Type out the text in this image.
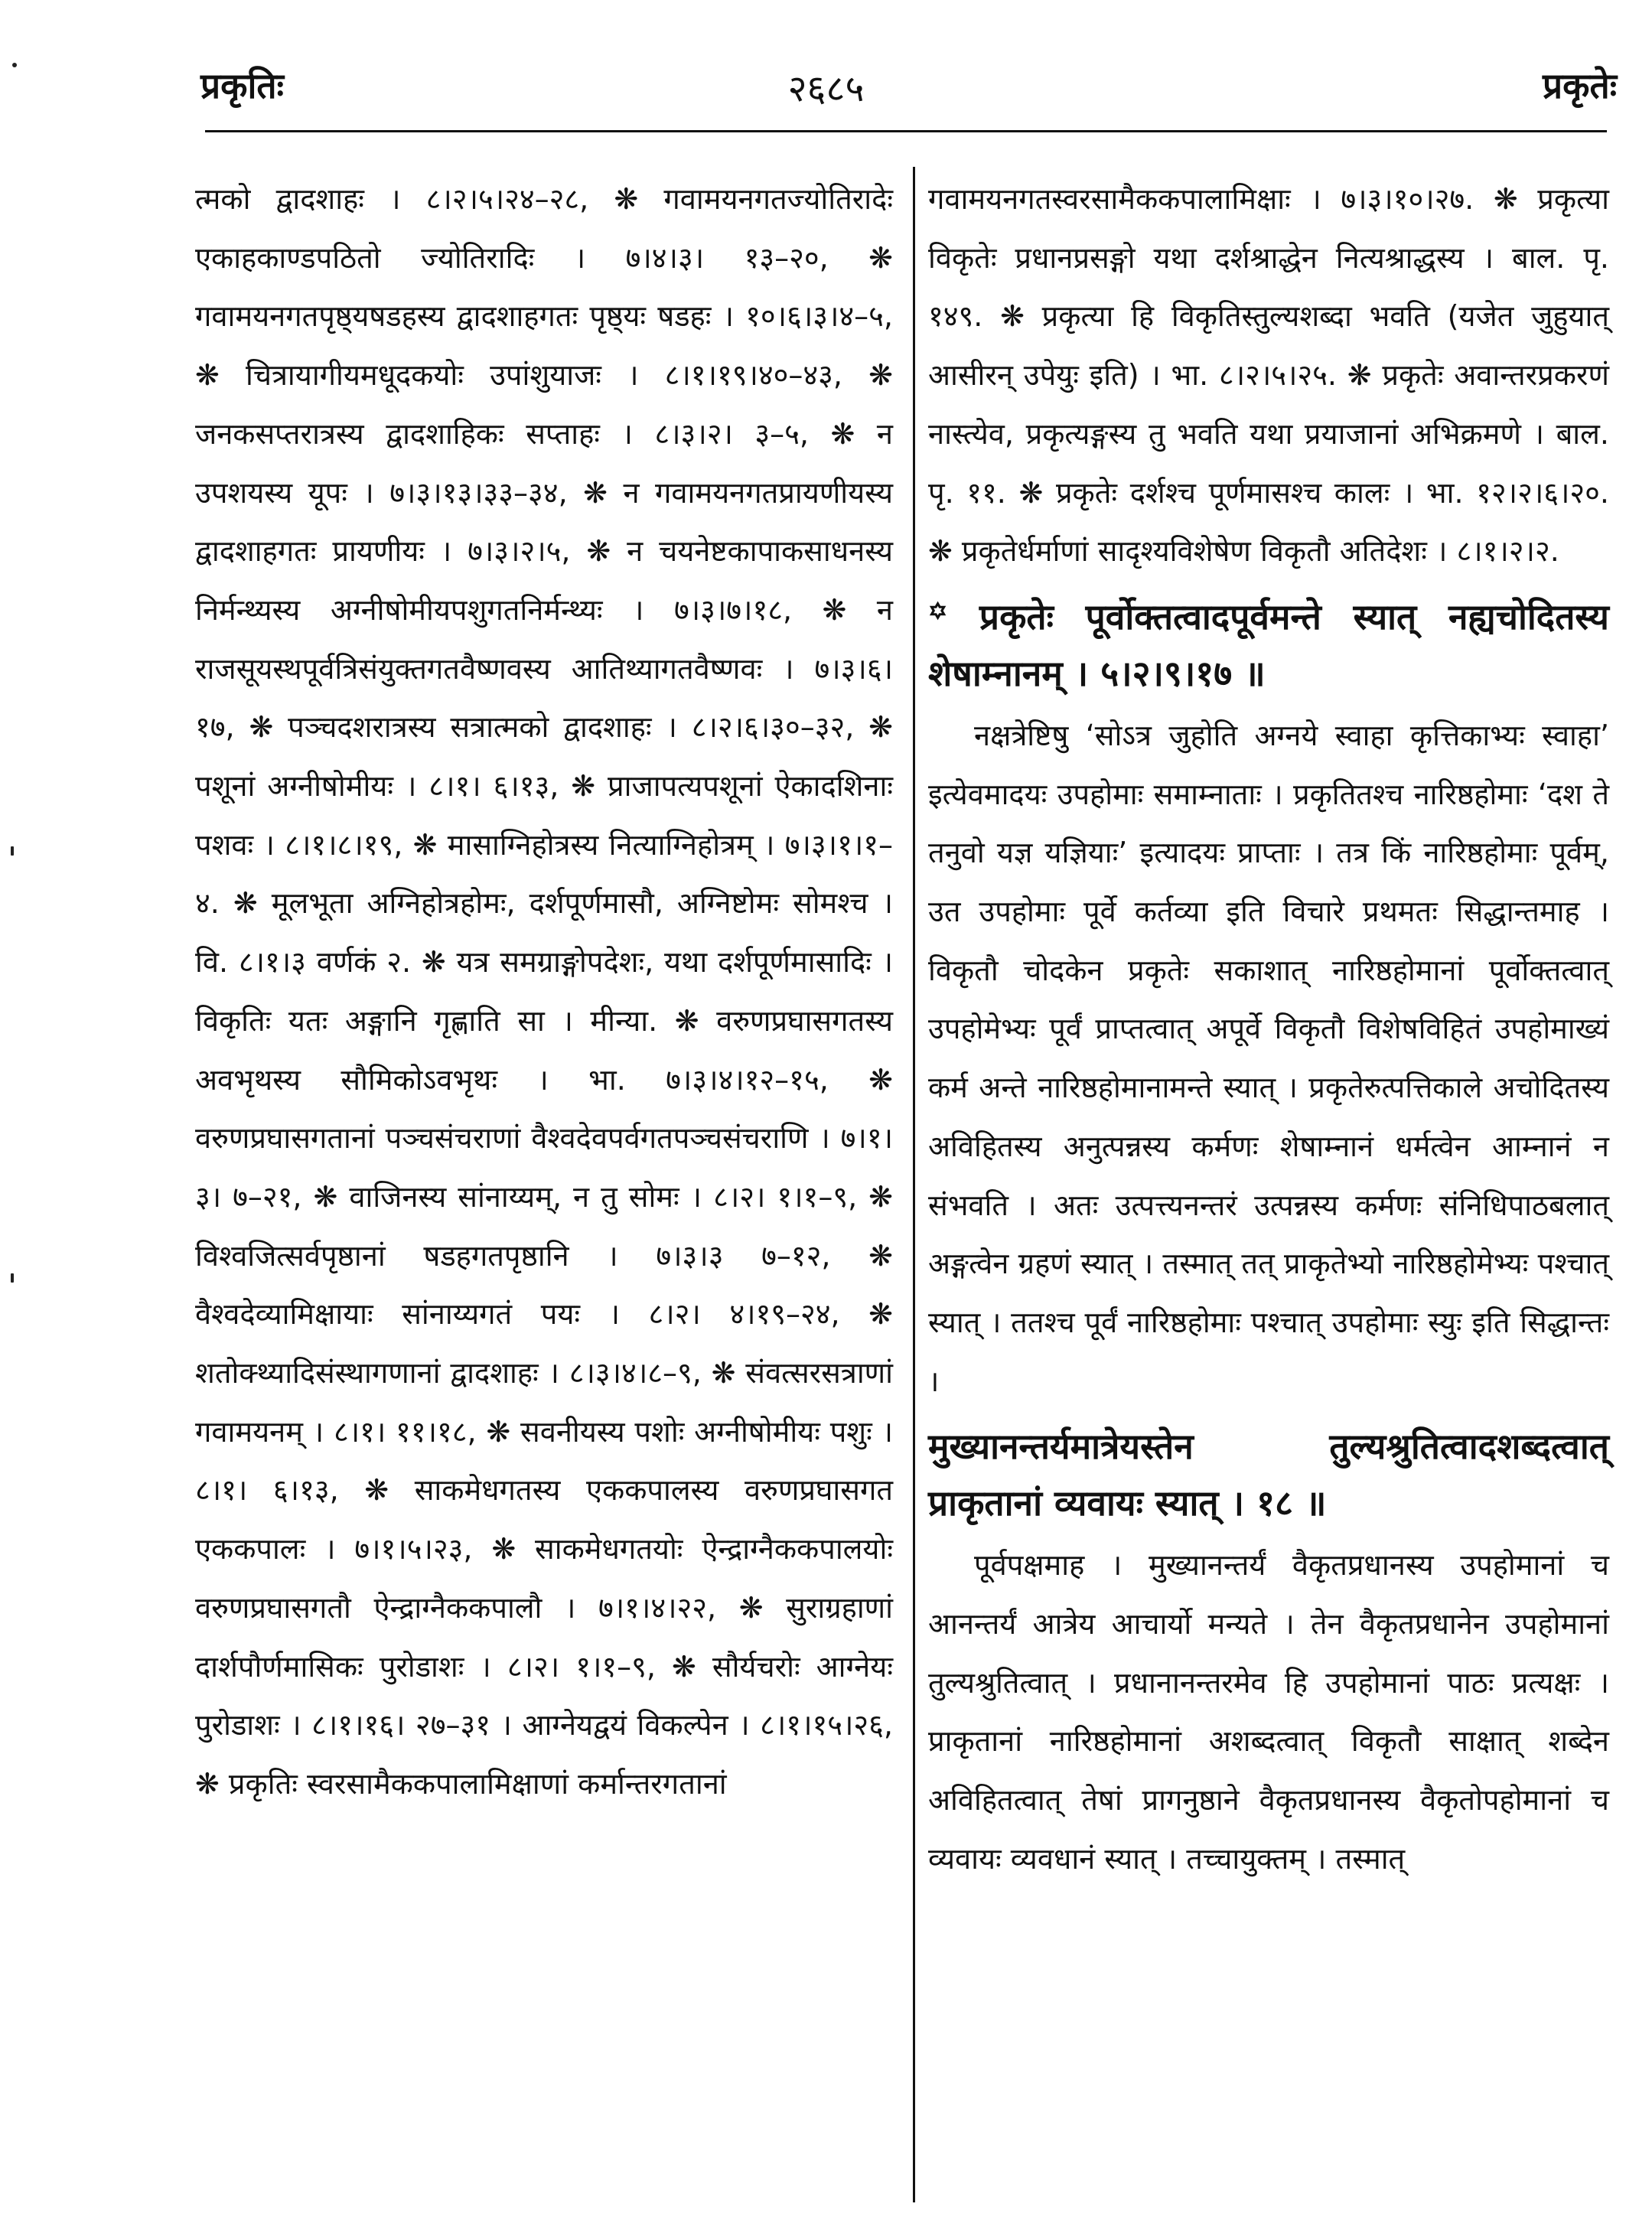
प्रकृतिः	२६८५	प्रकृतेः

त्मको द्वादशाहः । ८।२।५।२४–२८, ❋ गवामयनगतज्योतिरादेः एकाहकाण्डपठितो ज्योतिरादिः । ७।४।३। १३–२०, ❋ गवामयनगतपृष्ठ्यषडहस्य द्वादशाहगतः पृष्ठ्यः षडहः । १०।६।३।४–५, ❋ चित्रायागीयमधूदकयोः उपांशुयाजः । ८।१।१९।४०–४३, ❋ जनकसप्तरात्रस्य द्वादशाहिकः सप्ताहः । ८।३।२। ३–५, ❋ न उपशयस्य यूपः । ७।३।१३।३३–३४, ❋ न गवामयनगतप्रायणीयस्य द्वादशाहगतः प्रायणीयः । ७।३।२।५, ❋ न चयनेष्टकापाकसाधनस्य निर्मन्थ्यस्य अग्नीषोमीयपशुगतनिर्मन्थ्यः । ७।३।७।१८, ❋ न राजसूयस्थपूर्वत्रिसंयुक्तगतवैष्णवस्य आतिथ्यागतवैष्णवः । ७।३।६।१७, ❋ पञ्चदशरात्रस्य सत्रात्मको द्वादशाहः । ८।२।६।३०–३२, ❋ पशूनां अग्नीषोमीयः । ८।१। ६।१३, ❋ प्राजापत्यपशूनां ऐकादशिनाः पशवः । ८।१।८।१९, ❋ मासाग्निहोत्रस्य नित्याग्निहोत्रम् । ७।३।१।१–४. ❋ मूलभूता अग्निहोत्रहोमः, दर्शपूर्णमासौ, अग्निष्टोमः सोमश्च । वि. ८।१।३ वर्णकं २. ❋ यत्र समग्राङ्गोपदेशः, यथा दर्शपूर्णमासादिः । विकृतिः यतः अङ्गानि गृह्णाति सा । मीन्या. ❋ वरुणप्रघासगतस्य अवभृथस्य सौमिकोऽवभृथः । भा. ७।३।४।१२–१५, ❋ वरुणप्रघासगतानां पञ्चसंचराणां वैश्वदेवपर्वगतपञ्चसंचराणि । ७।१।३। ७–२१, ❋ वाजिनस्य सांनाय्यम्, न तु सोमः । ८।२। १।१–९, ❋ विश्वजित्सर्वपृष्ठानां षडहगतपृष्ठानि । ७।३।३ ७–१२, ❋ वैश्वदेव्यामिक्षायाः सांनाय्यगतं पयः । ८।२। ४।१९–२४, ❋ शतोक्थ्यादिसंस्थागणानां द्वादशाहः । ८।३।४।८–९, ❋ संवत्सरसत्राणां गवामयनम् । ८।१। ११।१८, ❋ सवनीयस्य पशोः अग्नीषोमीयः पशुः । ८।१। ६।१३, ❋ साकमेधगतस्य एककपालस्य वरुणप्रघासगत एककपालः । ७।१।५।२३, ❋ साकमेधगतयोः ऐन्द्राग्नैककपालयोः वरुणप्रघासगतौ ऐन्द्राग्नैककपालौ । ७।१।४।२२, ❋ सुराग्रहाणां दार्शपौर्णमासिकः पुरोडाशः । ८।२। १।१–९, ❋ सौर्यचरोः आग्नेयः पुरोडाशः । ८।१।१६। २७–३१ । आग्नेयद्वयं विकल्पेन । ८।१।१५।२६, ❋ प्रकृतिः स्वरसामैककपालामिक्षाणां कर्मान्तरगतानां

गवामयनगतस्वरसामैककपालामिक्षाः । ७।३।१०।२७. ❋ प्रकृत्या विकृतेः प्रधानप्रसङ्गो यथा दर्शश्राद्धेन नित्यश्राद्धस्य । बाल. पृ. १४९. ❋ प्रकृत्या हि विकृतिस्तुल्यशब्दा भवति (यजेत जुहुयात् आसीरन् उपेयुः इति) । भा. ८।२।५।२५. ❋ प्रकृतेः अवान्तरप्रकरणं नास्त्येव, प्रकृत्यङ्गस्य तु भवति यथा प्रयाजानां अभिक्रमणे । बाल. पृ. ११. ❋ प्रकृतेः दर्शश्च पूर्णमासश्च कालः । भा. १२।२।६।२०. ❋ प्रकृतेर्धर्माणां सादृश्यविशेषेण विकृतौ अतिदेशः । ८।१।२।२.

꙳ प्रकृतेः पूर्वोक्तत्वादपूर्वमन्ते स्यात् नह्यचोदितस्य शेषाम्नानम् । ५।२।९।१७ ॥

नक्षत्रेष्टिषु ‘सोऽत्र जुहोति अग्नये स्वाहा कृत्तिकाभ्यः स्वाहा’ इत्येवमादयः उपहोमाः समाम्नाताः । प्रकृतितश्च नारिष्ठहोमाः ‘दश ते तनुवो यज्ञ यज्ञियाः’ इत्यादयः प्राप्ताः । तत्र किं नारिष्ठहोमाः पूर्वम्, उत उपहोमाः पूर्वे कर्तव्या इति विचारे प्रथमतः सिद्धान्तमाह । विकृतौ चोदकेन प्रकृतेः सकाशात् नारिष्ठहोमानां पूर्वोक्तत्वात् उपहोमेभ्यः पूर्वं प्राप्तत्वात् अपूर्वे विकृतौ विशेषविहितं उपहोमाख्यं कर्म अन्ते नारिष्ठहोमानामन्ते स्यात् । प्रकृतेरुत्पत्तिकाले अचोदितस्य अविहितस्य अनुत्पन्नस्य कर्मणः शेषाम्नानं धर्मत्वेन आम्नानं न संभवति । अतः उत्पत्त्यनन्तरं उत्पन्नस्य कर्मणः संनिधिपाठबलात् अङ्गत्वेन ग्रहणं स्यात् । तस्मात् तत् प्राकृतेभ्यो नारिष्ठहोमेभ्यः पश्चात् स्यात् । ततश्च पूर्वं नारिष्ठहोमाः पश्चात् उपहोमाः स्युः इति सिद्धान्तः ।

मुख्यानन्तर्यमात्रेयस्तेन तुल्यश्रुतित्वादशब्दत्वात् प्राकृतानां व्यवायः स्यात् । १८ ॥

पूर्वपक्षमाह । मुख्यानन्तर्यं वैकृतप्रधानस्य उपहोमानां च आनन्तर्यं आत्रेय आचार्यो मन्यते । तेन वैकृतप्रधानेन उपहोमानां तुल्यश्रुतित्वात् । प्रधानानन्तरमेव हि उपहोमानां पाठः प्रत्यक्षः । प्राकृतानां नारिष्ठहोमानां अशब्दत्वात् विकृतौ साक्षात् शब्देन अविहितत्वात् तेषां प्रागनुष्ठाने वैकृतप्रधानस्य वैकृतोपहोमानां च व्यवायः व्यवधानं स्यात् । तच्चायुक्तम् । तस्मात्
